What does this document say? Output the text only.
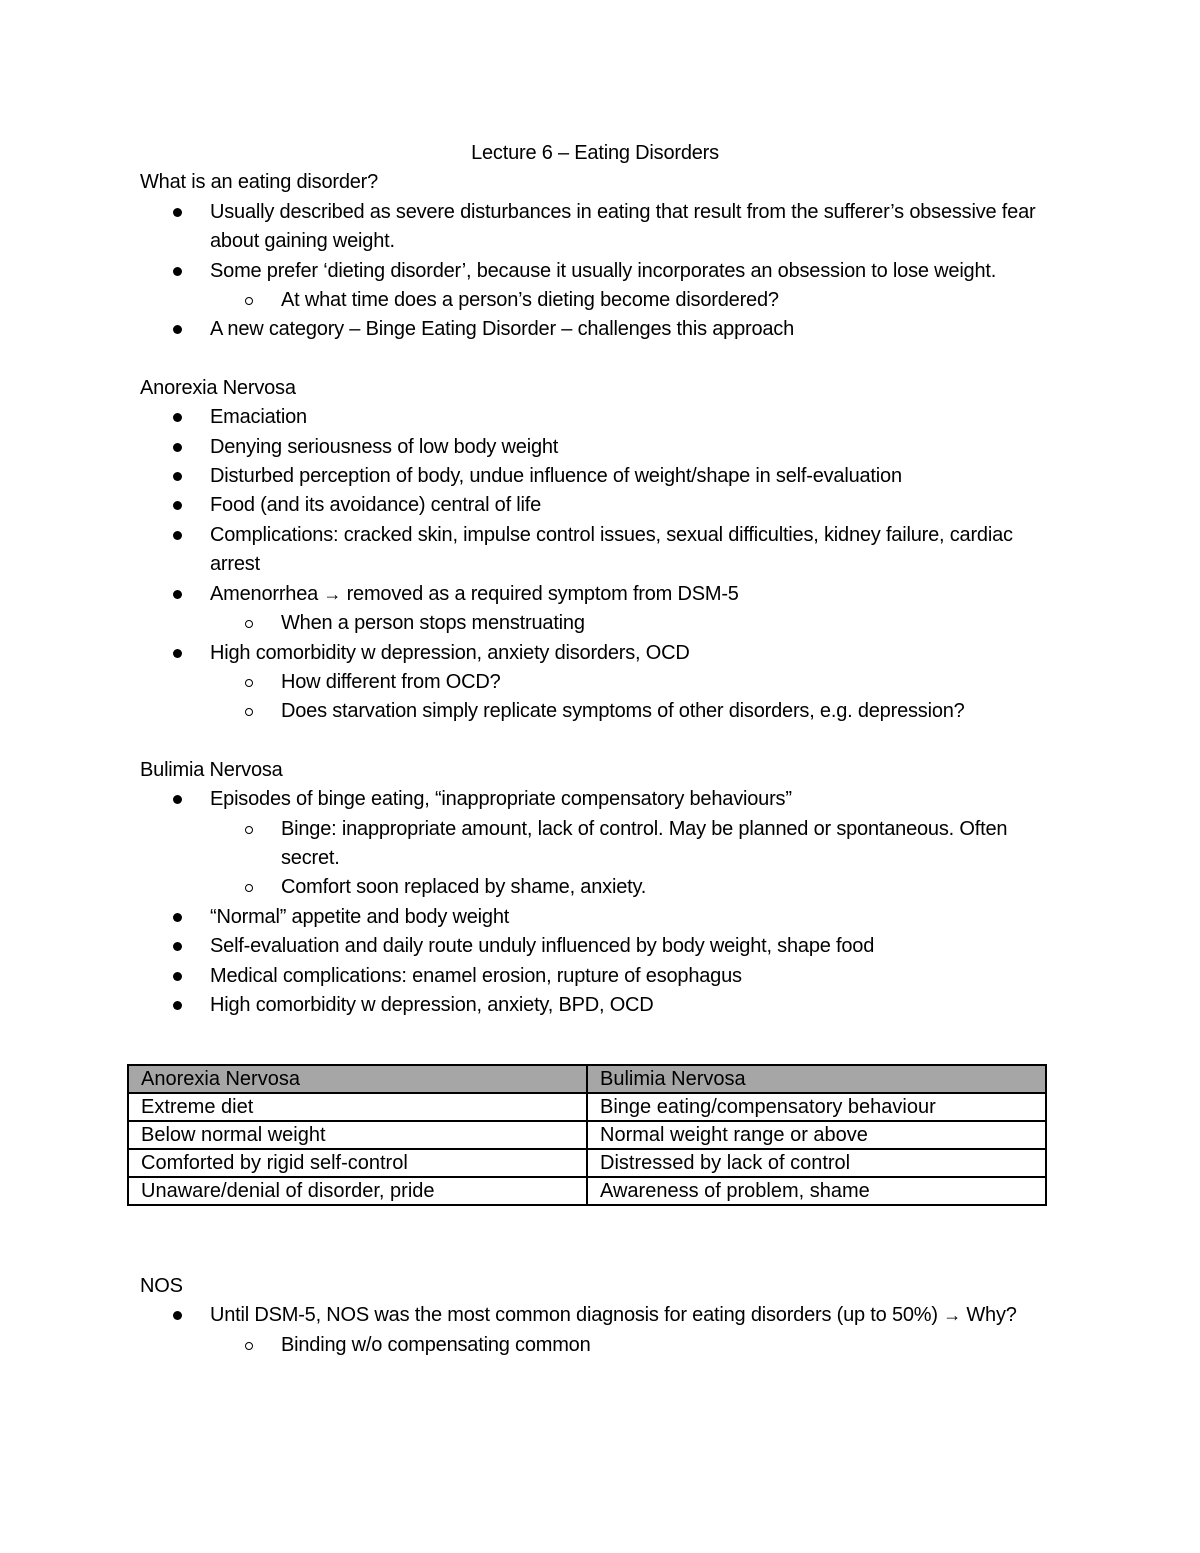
Lecture 6 – Eating Disorders

What is an eating disorder?

Usually described as severe disturbances in eating that result from the sufferer’s obsessive fear about gaining weight.
Some prefer ‘dieting disorder’, because it usually incorporates an obsession to lose weight.
At what time does a person’s dieting become disordered?
A new category – Binge Eating Disorder – challenges this approach

Anorexia Nervosa

Emaciation
Denying seriousness of low body weight
Disturbed perception of body, undue influence of weight/shape in self-evaluation
Food (and its avoidance) central of life
Complications: cracked skin, impulse control issues, sexual difficulties, kidney failure, cardiac arrest
Amenorrhea → removed as a required symptom from DSM-5
When a person stops menstruating
High comorbidity w depression, anxiety disorders, OCD
How different from OCD?
Does starvation simply replicate symptoms of other disorders, e.g. depression?

Bulimia Nervosa

Episodes of binge eating, “inappropriate compensatory behaviours”
Binge: inappropriate amount, lack of control. May be planned or spontaneous. Often secret.
Comfort soon replaced by shame, anxiety.
“Normal” appetite and body weight
Self-evaluation and daily route unduly influenced by body weight, shape food
Medical complications: enamel erosion, rupture of esophagus
High comorbidity w depression, anxiety, BPD, OCD
Anorexia Nervosa	Bulimia Nervosa
Extreme diet	Binge eating/compensatory behaviour
Below normal weight	Normal weight range or above
Comforted by rigid self-control	Distressed by lack of control
Unaware/denial of disorder, pride	Awareness of problem, shame

NOS

Until DSM-5, NOS was the most common diagnosis for eating disorders (up to 50%) → Why?
Binding w/o compensating common
